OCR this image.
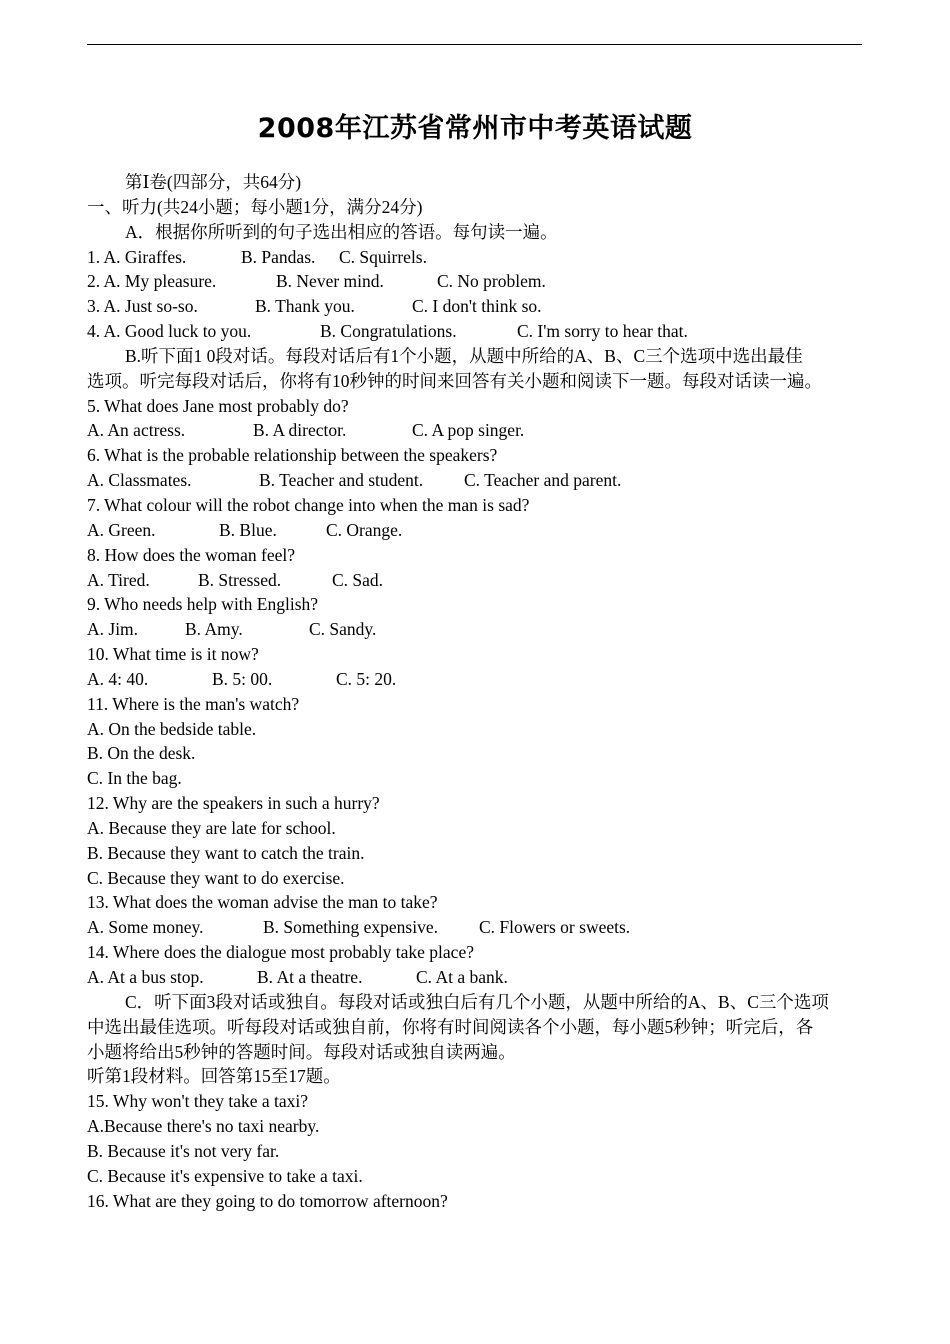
2008年江苏省常州市中考英语试题
第Ⅰ卷(四部分，共64分)
一、听力(共24小题；每小题1分，满分24分)
A．根据你所听到的句子选出相应的答语。每句读一遍。
1. A. Giraffes.	B. Pandas. C. Squirrels.
2. A. My pleasure.	B. Never mind.	C. No problem.
3. A. Just so-so.	B. Thank you.	C. I don't think so.
4. A. Good luck to you.	B. Congratulations.	C. I'm sorry to hear that.
B.听下面1 0段对话。每段对话后有1个小题，从题中所给的A、B、C三个选项中选出最佳
选项。听完每段对话后，你将有10秒钟的时间来回答有关小题和阅读下一题。每段对话读一遍。
5. What does Jane most probably do?
A. An actress.	B. A director.	C. A pop singer.
6. What is the probable relationship between the speakers?
A. Classmates.	B. Teacher and student. C. Teacher and parent.
7. What colour will the robot change into when the man is sad?
A. Green.	B. Blue.	C. Orange.
8. How does the woman feel?
A. Tired.	B. Stressed.	C. Sad.
9. Who needs help with English?
A. Jim.	B. Amy.	C. Sandy.
10. What time is it now?
A. 4: 40.	B. 5: 00.	C. 5: 20.
11. Where is the man's watch?
A. On the bedside table.
B. On the desk.
C. In the bag.
12. Why are the speakers in such a hurry?
A. Because they are late for school.
B. Because they want to catch the train.
C. Because they want to do exercise.
13. What does the woman advise the man to take?
A. Some money.	B. Something expensive. C. Flowers or sweets.
14. Where does the dialogue most probably take place?
A. At a bus stop.	B. At a theatre.	C. At a bank.
C．听下面3段对话或独自。每段对话或独白后有几个小题，从题中所给的A、B、C三个选项
中选出最佳选项。听每段对话或独自前，你将有时间阅读各个小题，每小题5秒钟；听完后，各
小题将给出5秒钟的答题时间。每段对话或独自读两遍。
听第1段材料。回答第15至17题。
15. Why won't they take a taxi?
A.Because there's no taxi nearby.
B. Because it's not very far.
C. Because it's expensive to take a taxi.
16. What are they going to do tomorrow afternoon?
